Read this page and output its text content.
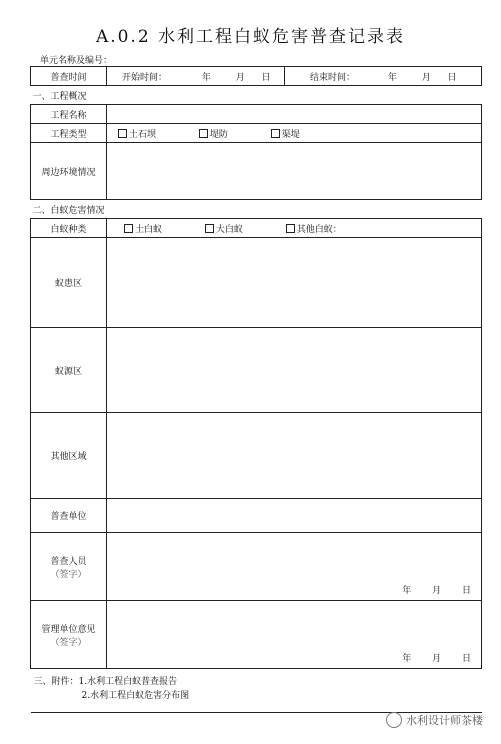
A.0.2 水利工程白蚁危害普查记录表
单元名称及编号：
普查时间	开始时间： 年 月 日	结束时间： 年 月 日
一、工程概况		
工程名称		
工程类型	土石坝 堤防 渠堤	
周边环境情况		
二、白蚁危害情况		
白蚁种类	土白蚁 大白蚁 其他白蚁：	
蚁患区		
蚁源区		
其他区域		
普查单位		
普查人员
（签字）	年 月 日	
管理单位意见
（签字）	年 月 日	

三、附件：1.水利工程白蚁普查报告
2.水利工程白蚁危害分布图		
水利设计师茶楼
